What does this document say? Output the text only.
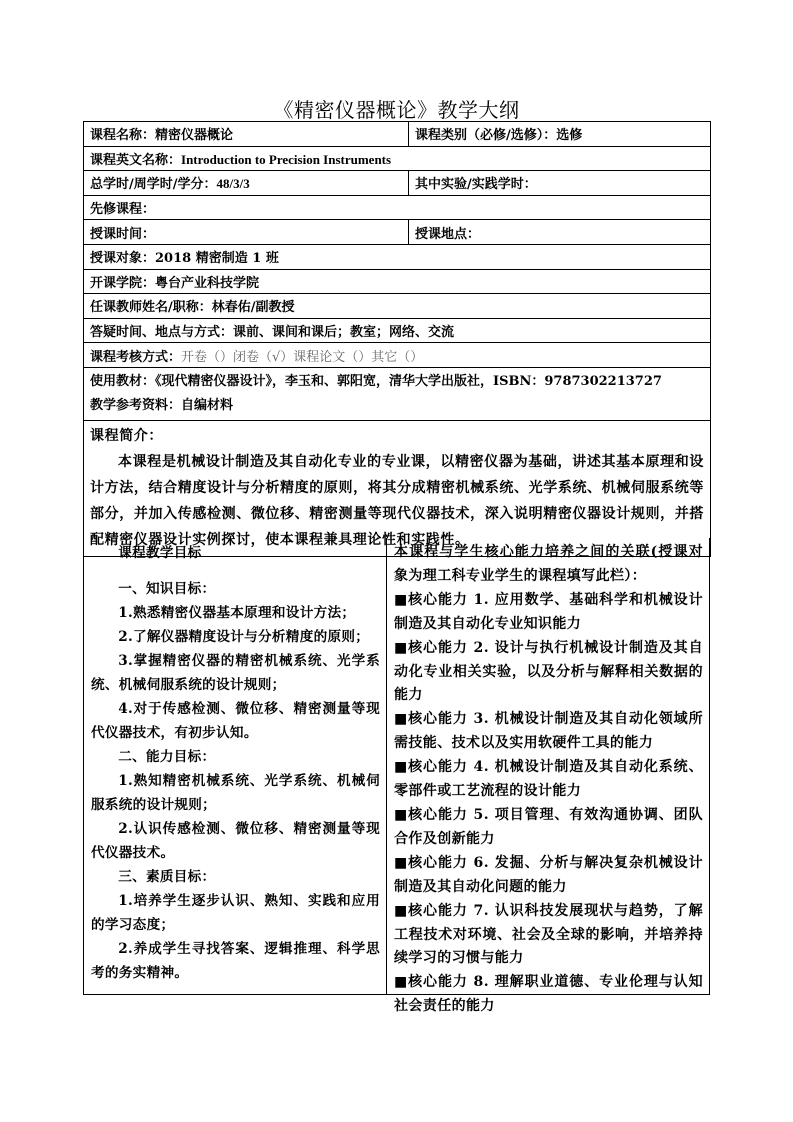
《精密仪器概论》教学大纲
课程名称：精密仪器概论	课程类别（必修/选修）：选修
课程英文名称：Introduction to Precision Instruments	
总学时/周学时/学分：48/3/3	其中实验/实践学时：
先修课程：	
授课时间：	授课地点：
授课对象：2018 精密制造 1 班	
开课学院：粤台产业科技学院	
任课教师姓名/职称：林春佑/副教授	
答疑时间、地点与方式：课前、课间和课后；教室；网络、交流	
课程考核方式：开卷（）闭卷（√）课程论文（）其它（）	

使用教材：《现代精密仪器设计》，李玉和、郭阳宽，清华大学出版社，ISBN：9787302213727
教学参考资料：自编材料	

课程简介：

本课程是机械设计制造及其自动化专业的专业课，以精密仪器为基础，讲述其基本原理和设计方法，结合精度设计与分析精度的原则，将其分成精密机械系统、光学系统、机械伺服系统等部分，并加入传感检测、微位移、精密测量等现代仪器技术，深入说明精密仪器设计规则，并搭配精密仪器设计实例探讨，使本课程兼具理论性和实践性。	

课程教学目标

一、知识目标：

1.熟悉精密仪器基本原理和设计方法；

2.了解仪器精度设计与分析精度的原则；

3.掌握精密仪器的精密机械系统、光学系统、机械伺服系统的设计规则；

4.对于传感检测、微位移、精密测量等现代仪器技术，有初步认知。

二、能力目标：

1.熟知精密机械系统、光学系统、机械伺服系统的设计规则；

2.认识传感检测、微位移、精密测量等现代仪器技术。

三、素质目标：

1.培养学生逐步认识、熟知、实践和应用的学习态度；

2.养成学生寻找答案、逻辑推理、科学思考的务实精神。

本课程与学生核心能力培养之间的关联(授课对象为理工科专业学生的课程填写此栏）：

■核心能力 1. 应用数学、基础科学和机械设计制造及其自动化专业知识能力

■核心能力 2. 设计与执行机械设计制造及其自动化专业相关实验，以及分析与解释相关数据的能力

■核心能力 3. 机械设计制造及其自动化领域所需技能、技术以及实用软硬件工具的能力

■核心能力 4. 机械设计制造及其自动化系统、零部件或工艺流程的设计能力

■核心能力 5. 项目管理、有效沟通协调、团队合作及创新能力

■核心能力 6. 发掘、分析与解决复杂机械设计制造及其自动化问题的能力

■核心能力 7. 认识科技发展现状与趋势，了解工程技术对环境、社会及全球的影响，并培养持续学习的习惯与能力

■核心能力 8. 理解职业道德、专业伦理与认知社会责任的能力
